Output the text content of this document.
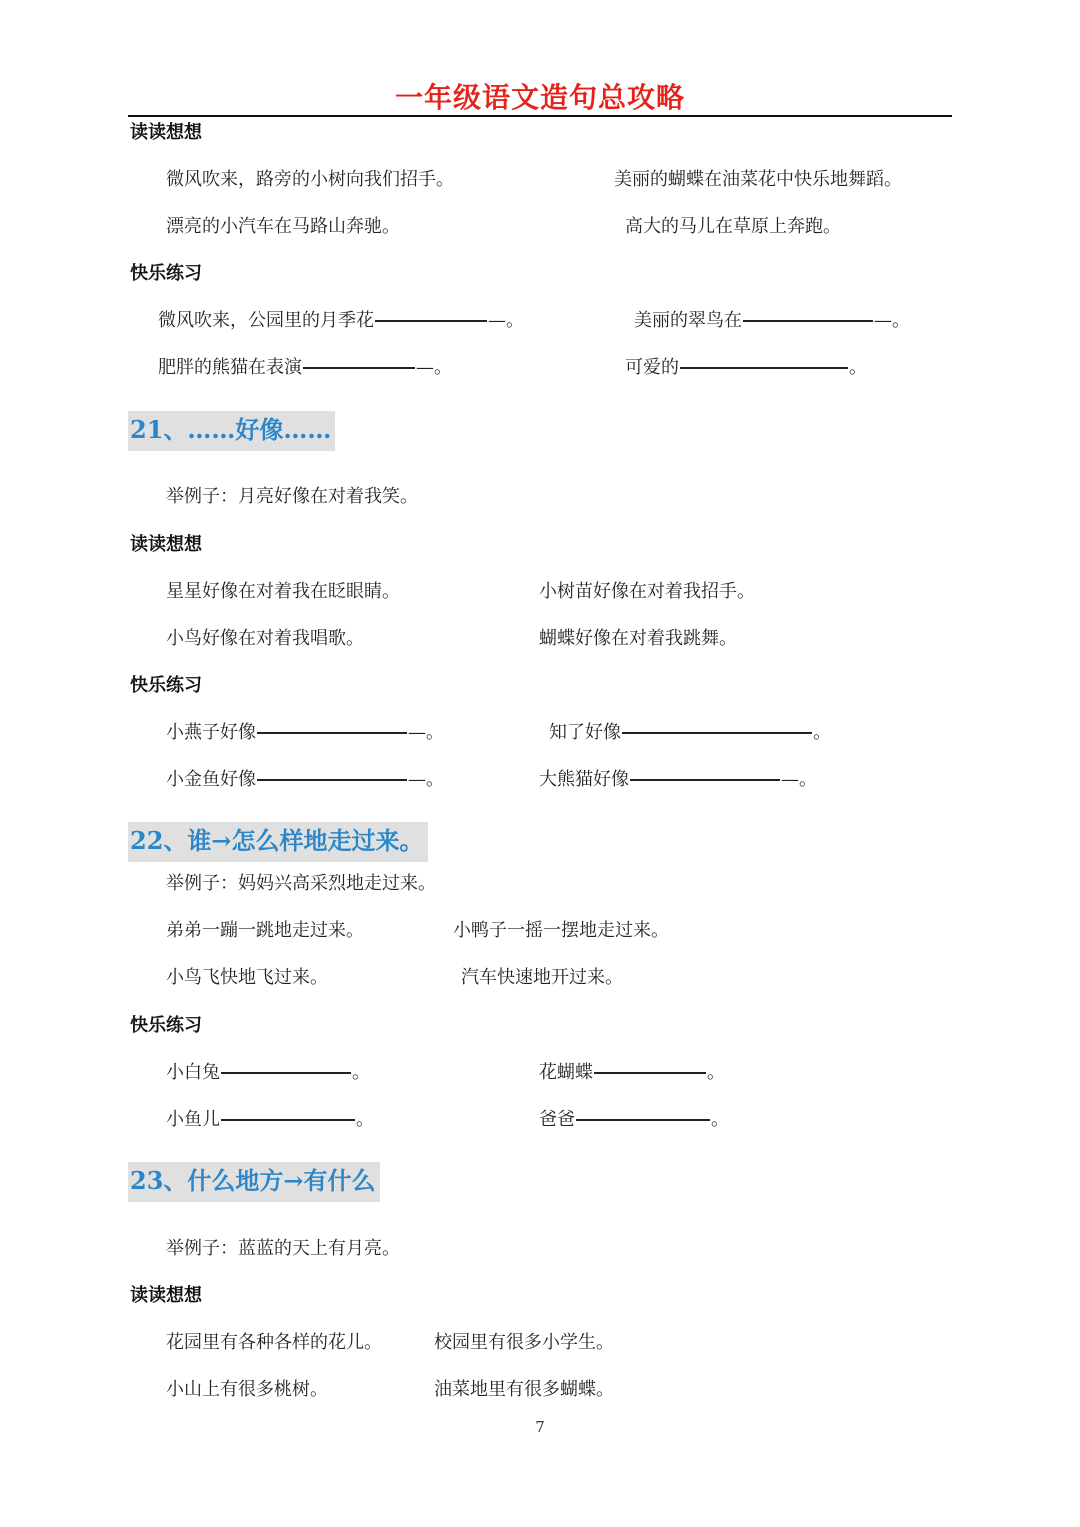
一年级语文造句总攻略
读读想想
微风吹来，路旁的小树向我们招手。	美丽的蝴蝶在油菜花中快乐地舞蹈。
漂亮的小汽车在马路山奔驰。	高大的马儿在草原上奔跑。
快乐练习
微风吹来，公园里的月季花	—。	美丽的翠鸟在	—。
肥胖的熊猫在表演	—。	可爱的	。
21、……好像……
举例子：月亮好像在对着我笑。
读读想想
星星好像在对着我在眨眼睛。	小树苗好像在对着我招手。
小鸟好像在对着我唱歌。	蝴蝶好像在对着我跳舞。
快乐练习
小燕子好像	—。	知了好像	。
小金鱼好像	—。	大熊猫好像	—。
22、谁→怎么样地走过来。
举例子：妈妈兴高采烈地走过来。
弟弟一蹦一跳地走过来。	小鸭子一摇一摆地走过来。
小鸟飞快地飞过来。	汽车快速地开过来。
快乐练习
小白兔	。	花蝴蝶	。
小鱼儿	。	爸爸	。
23、什么地方→有什么
举例子：蓝蓝的天上有月亮。
读读想想
花园里有各种各样的花儿。	校园里有很多小学生。
小山上有很多桃树。	油菜地里有很多蝴蝶。
7
